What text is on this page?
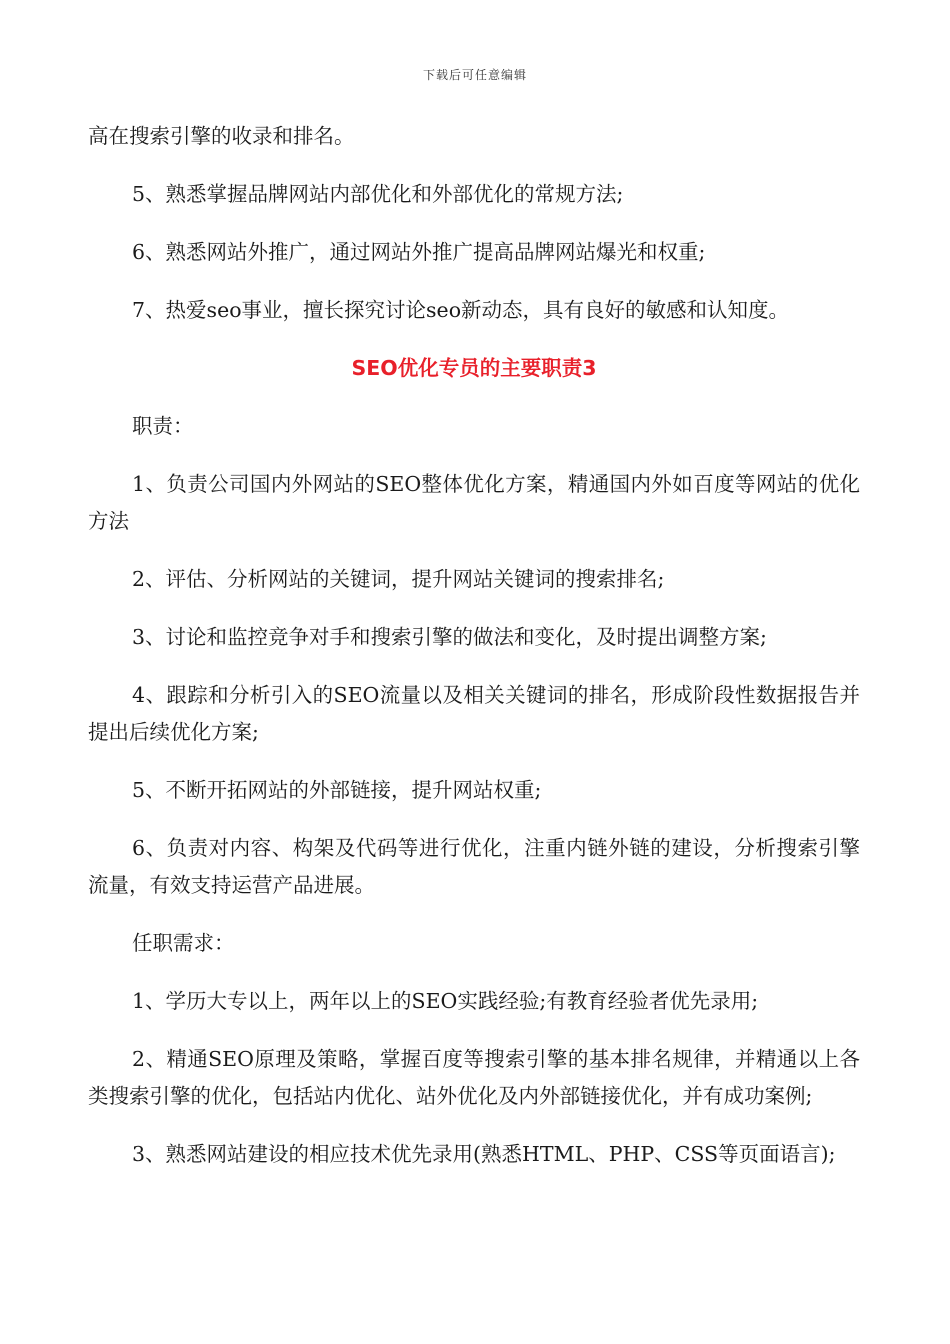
下载后可任意编辑

高在搜索引擎的收录和排名。

5、熟悉掌握品牌网站内部优化和外部优化的常规方法;

6、熟悉网站外推广，通过网站外推广提高品牌网站爆光和权重;

7、热爱seo事业，擅长探究讨论seo新动态，具有良好的敏感和认知度。

SEO优化专员的主要职责3

职责：

1、负责公司国内外网站的SEO整体优化方案，精通国内外如百度等网站的优化方法

2、评估、分析网站的关键词，提升网站关键词的搜索排名;

3、讨论和监控竞争对手和搜索引擎的做法和变化，及时提出调整方案;

4、跟踪和分析引入的SEO流量以及相关关键词的排名，形成阶段性数据报告并提出后续优化方案;

5、不断开拓网站的外部链接，提升网站权重;

6、负责对内容、构架及代码等进行优化，注重内链外链的建设，分析搜索引擎流量，有效支持运营产品进展。

任职需求：

1、学历大专以上，两年以上的SEO实践经验;有教育经验者优先录用;

2、精通SEO原理及策略，掌握百度等搜索引擎的基本排名规律，并精通以上各类搜索引擎的优化，包括站内优化、站外优化及内外部链接优化，并有成功案例;

3、熟悉网站建设的相应技术优先录用(熟悉HTML、PHP、CSS等页面语言);
